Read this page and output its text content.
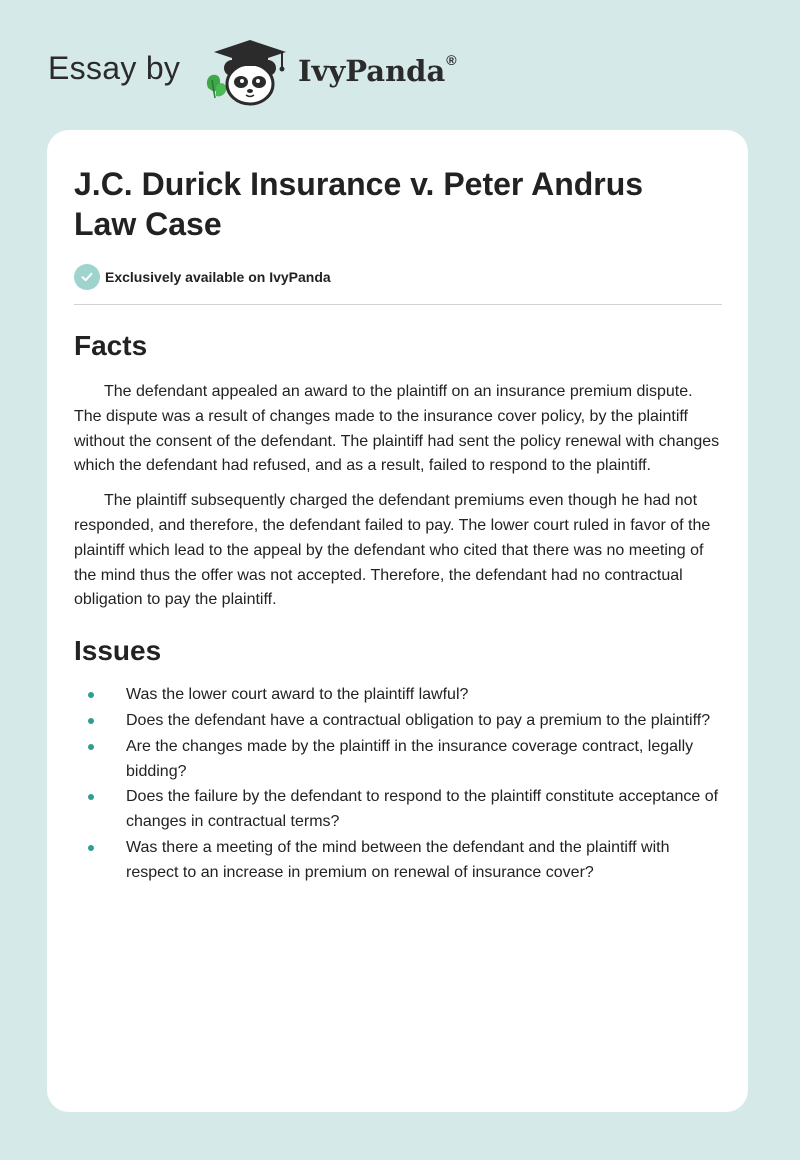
Essay by	IvyPanda®
J.C. Durick Insurance v. Peter Andrus Law Case
Exclusively available on IvyPanda
Facts

The defendant appealed an award to the plaintiff on an insurance premium dispute. The dispute was a result of changes made to the insurance cover policy, by the plaintiff without the consent of the defendant. The plaintiff had sent the policy renewal with changes which the defendant had refused, and as a result, failed to respond to the plaintiff.

The plaintiff subsequently charged the defendant premiums even though he had not responded, and therefore, the defendant failed to pay. The lower court ruled in favor of the plaintiff which lead to the appeal by the defendant who cited that there was no meeting of the mind thus the offer was not accepted. Therefore, the defendant had no contractual obligation to pay the plaintiff.

Issues
Was the lower court award to the plaintiff lawful?
Does the defendant have a contractual obligation to pay a premium to the plaintiff?
Are the changes made by the plaintiff in the insurance coverage contract, legally bidding?
Does the failure by the defendant to respond to the plaintiff constitute acceptance of changes in contractual terms?
Was there a meeting of the mind between the defendant and the plaintiff with respect to an increase in premium on renewal of insurance cover?
